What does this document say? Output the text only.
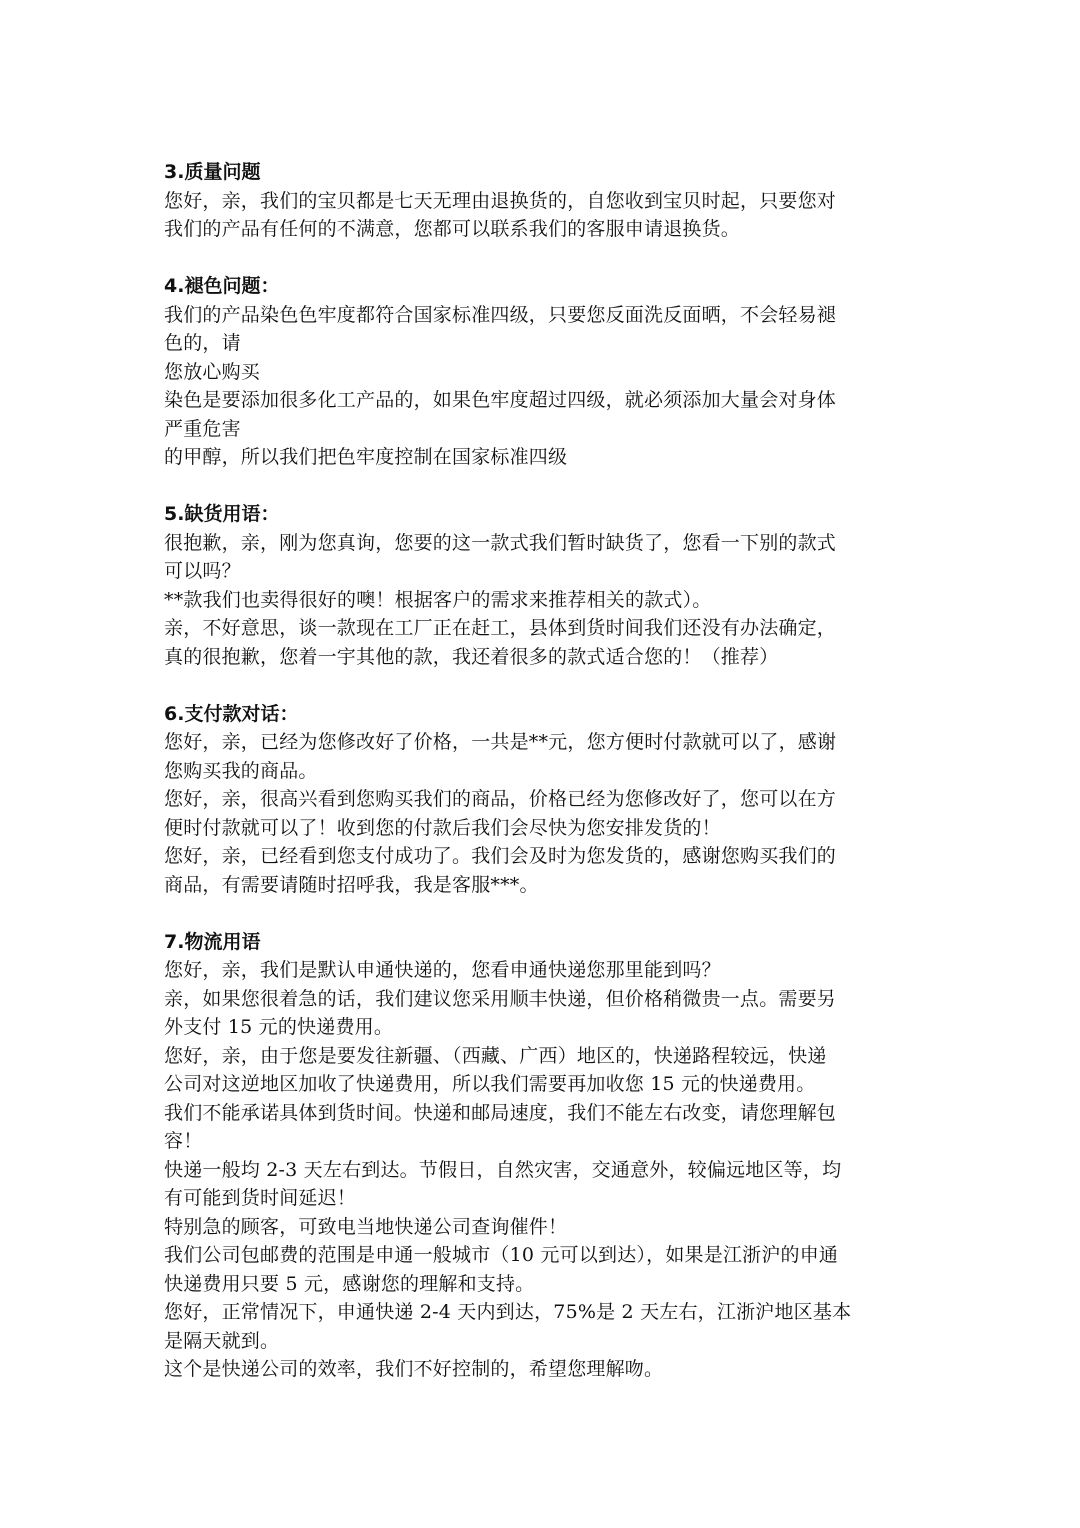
3.质量问题

您好，亲，我们的宝贝都是七天无理由退换货的，自您收到宝贝时起，只要您对

我们的产品有任何的不满意，您都可以联系我们的客服申请退换货。

4.褪色问题：

我们的产品染色色牢度都符合国家标准四级，只要您反面洗反面晒，不会轻易褪

色的，请

您放心购买

染色是要添加很多化工产品的，如果色牢度超过四级，就必须添加大量会对身体

严重危害

的甲醇，所以我们把色牢度控制在国家标准四级

5.缺货用语：

很抱歉，亲，刚为您真询，您要的这一款式我们暂时缺货了，您看一下别的款式

可以吗？

**款我们也卖得很好的噢！根据客户的需求来推荐相关的款式）。

亲，不好意思，谈一款现在工厂正在赶工，县体到货时间我们还没有办法确定，

真的很抱歉，您着一宇其他的款，我还着很多的款式适合您的！（推荐）

6.支付款对话：

您好，亲，已经为您修改好了价格，一共是**元，您方便时付款就可以了，感谢

您购买我的商品。

您好，亲，很高兴看到您购买我们的商品，价格已经为您修改好了，您可以在方

便时付款就可以了！收到您的付款后我们会尽快为您安排发货的！

您好，亲，已经看到您支付成功了。我们会及时为您发货的，感谢您购买我们的

商品，有需要请随时招呼我，我是客服***。

7.物流用语

您好，亲，我们是默认申通快递的，您看申通快递您那里能到吗？

亲，如果您很着急的话，我们建议您采用顺丰快递，但价格稍微贵一点。需要另

外支付 15 元的快递费用。

您好，亲，由于您是要发往新疆、（西藏、广西）地区的，快递路程较远，快递

公司对这逆地区加收了快递费用，所以我们需要再加收您 15 元的快递费用。

我们不能承诺具体到货时间。快递和邮局速度，我们不能左右改变，请您理解包

容！

快递一般均 2-3 天左右到达。节假日，自然灾害，交通意外，较偏远地区等，均

有可能到货时间延迟！

特别急的顾客，可致电当地快递公司查询催件！

我们公司包邮费的范围是申通一般城市（10 元可以到达），如果是江浙沪的申通

快递费用只要 5 元，感谢您的理解和支持。

您好，正常情况下，申通快递 2-4 天内到达，75%是 2 天左右，江浙沪地区基本

是隔天就到。

这个是快递公司的效率，我们不好控制的，希望您理解吻。
